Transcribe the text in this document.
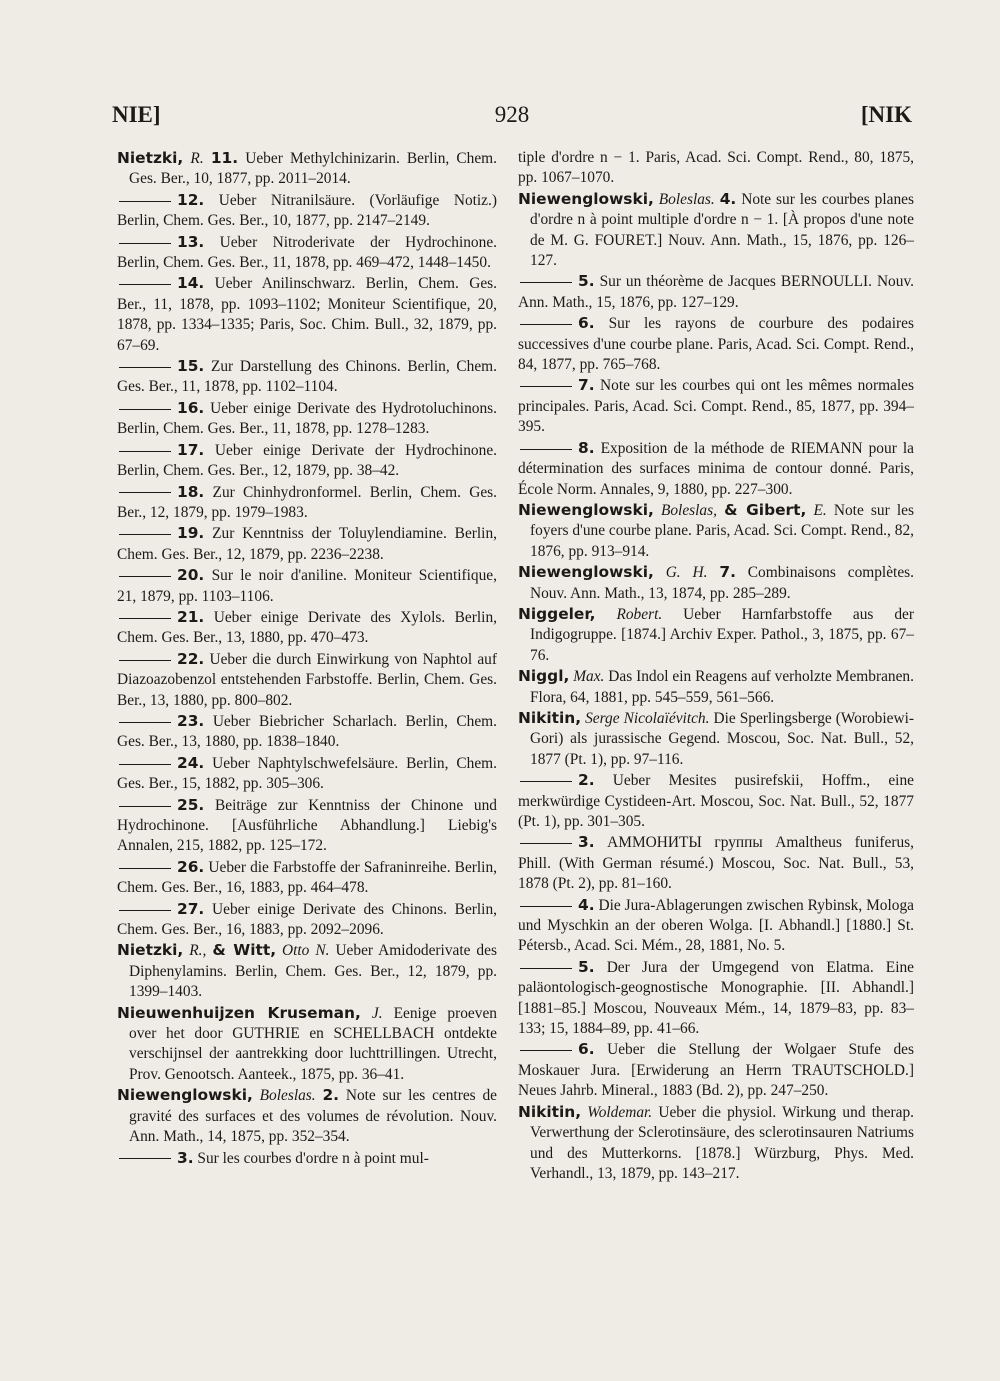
NIE]	928	[NIK

Nietzki, R. 11. Ueber Methylchinizarin. Berlin, Chem. Ges. Ber., 10, 1877, pp. 2011–2014.

12. Ueber Nitranilsäure. (Vorläufige Notiz.) Berlin, Chem. Ges. Ber., 10, 1877, pp. 2147–2149.

13. Ueber Nitroderivate der Hydrochinone. Berlin, Chem. Ges. Ber., 11, 1878, pp. 469–472, 1448–1450.

14. Ueber Anilinschwarz. Berlin, Chem. Ges. Ber., 11, 1878, pp. 1093–1102; Moniteur Scientifique, 20, 1878, pp. 1334–1335; Paris, Soc. Chim. Bull., 32, 1879, pp. 67–69.

15. Zur Darstellung des Chinons. Berlin, Chem. Ges. Ber., 11, 1878, pp. 1102–1104.

16. Ueber einige Derivate des Hydrotoluchinons. Berlin, Chem. Ges. Ber., 11, 1878, pp. 1278–1283.

17. Ueber einige Derivate der Hydrochinone. Berlin, Chem. Ges. Ber., 12, 1879, pp. 38–42.

18. Zur Chinhydronformel. Berlin, Chem. Ges. Ber., 12, 1879, pp. 1979–1983.

19. Zur Kenntniss der Toluylendiamine. Berlin, Chem. Ges. Ber., 12, 1879, pp. 2236–2238.

20. Sur le noir d'aniline. Moniteur Scientifique, 21, 1879, pp. 1103–1106.

21. Ueber einige Derivate des Xylols. Berlin, Chem. Ges. Ber., 13, 1880, pp. 470–473.

22. Ueber die durch Einwirkung von Naphtol auf Diazoazobenzol entstehenden Farbstoffe. Berlin, Chem. Ges. Ber., 13, 1880, pp. 800–802.

23. Ueber Biebricher Scharlach. Berlin, Chem. Ges. Ber., 13, 1880, pp. 1838–1840.

24. Ueber Naphtylschwefelsäure. Berlin, Chem. Ges. Ber., 15, 1882, pp. 305–306.

25. Beiträge zur Kenntniss der Chinone und Hydrochinone. [Ausführliche Abhandlung.] Liebig's Annalen, 215, 1882, pp. 125–172.

26. Ueber die Farbstoffe der Safraninreihe. Berlin, Chem. Ges. Ber., 16, 1883, pp. 464–478.

27. Ueber einige Derivate des Chinons. Berlin, Chem. Ges. Ber., 16, 1883, pp. 2092–2096.

Nietzki, R., & Witt, Otto N. Ueber Amidoderivate des Diphenylamins. Berlin, Chem. Ges. Ber., 12, 1879, pp. 1399–1403.

Nieuwenhuijzen Kruseman, J. Eenige proeven over het door GUTHRIE en SCHELLBACH ontdekte verschijnsel der aantrekking door luchttrillingen. Utrecht, Prov. Genootsch. Aanteek., 1875, pp. 36–41.

Niewenglowski, Boleslas. 2. Note sur les centres de gravité des surfaces et des volumes de révolution. Nouv. Ann. Math., 14, 1875, pp. 352–354.

3. Sur les courbes d'ordre n à point mul-

tiple d'ordre n − 1. Paris, Acad. Sci. Compt. Rend., 80, 1875, pp. 1067–1070.

Niewenglowski, Boleslas. 4. Note sur les courbes planes d'ordre n à point multiple d'ordre n − 1. [À propos d'une note de M. G. FOURET.] Nouv. Ann. Math., 15, 1876, pp. 126–127.

5. Sur un théorème de Jacques BERNOULLI. Nouv. Ann. Math., 15, 1876, pp. 127–129.

6. Sur les rayons de courbure des podaires successives d'une courbe plane. Paris, Acad. Sci. Compt. Rend., 84, 1877, pp. 765–768.

7. Note sur les courbes qui ont les mêmes normales principales. Paris, Acad. Sci. Compt. Rend., 85, 1877, pp. 394–395.

8. Exposition de la méthode de RIEMANN pour la détermination des surfaces minima de contour donné. Paris, École Norm. Annales, 9, 1880, pp. 227–300.

Niewenglowski, Boleslas, & Gibert, E. Note sur les foyers d'une courbe plane. Paris, Acad. Sci. Compt. Rend., 82, 1876, pp. 913–914.

Niewenglowski, G. H. 7. Combinaisons complètes. Nouv. Ann. Math., 13, 1874, pp. 285–289.

Niggeler, Robert. Ueber Harnfarbstoffe aus der Indigogruppe. [1874.] Archiv Exper. Pathol., 3, 1875, pp. 67–76.

Niggl, Max. Das Indol ein Reagens auf verholzte Membranen. Flora, 64, 1881, pp. 545–559, 561–566.

Nikitin, Serge Nicolaïévitch. Die Sperlingsberge (Worobiewi-Gori) als jurassische Gegend. Moscou, Soc. Nat. Bull., 52, 1877 (Pt. 1), pp. 97–116.

2. Ueber Mesites pusirefskii, Hoffm., eine merkwürdige Cystideen-Art. Moscou, Soc. Nat. Bull., 52, 1877 (Pt. 1), pp. 301–305.

3. АММОНИТЫ группы Amaltheus funiferus, Phill. (With German résumé.) Moscou, Soc. Nat. Bull., 53, 1878 (Pt. 2), pp. 81–160.

4. Die Jura-Ablagerungen zwischen Rybinsk, Mologa und Myschkin an der oberen Wolga. [I. Abhandl.] [1880.] St. Pétersb., Acad. Sci. Mém., 28, 1881, No. 5.

5. Der Jura der Umgegend von Elatma. Eine paläontologisch-geognostische Monographie. [II. Abhandl.] [1881–85.] Moscou, Nouveaux Mém., 14, 1879–83, pp. 83–133; 15, 1884–89, pp. 41–66.

6. Ueber die Stellung der Wolgaer Stufe des Moskauer Jura. [Erwiderung an Herrn TRAUTSCHOLD.] Neues Jahrb. Mineral., 1883 (Bd. 2), pp. 247–250.

Nikitin, Woldemar. Ueber die physiol. Wirkung und therap. Verwerthung der Sclerotinsäure, des sclerotinsauren Natriums und des Mutterkorns. [1878.] Würzburg, Phys. Med. Verhandl., 13, 1879, pp. 143–217.
